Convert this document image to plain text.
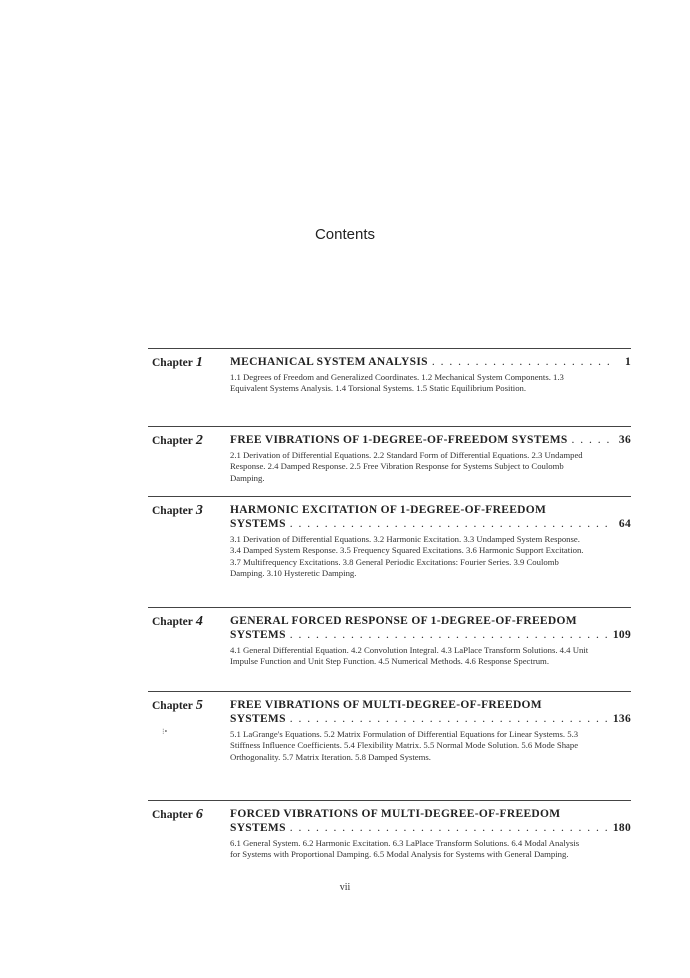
Contents
Chapter 1 MECHANICAL SYSTEM ANALYSIS . . .	1
1.1 Degrees of Freedom and Generalized Coordinates. 1.2 Mechanical System Components. 1.3 Equivalent Systems Analysis. 1.4 Torsional Systems. 1.5 Static Equilibrium Position.
Chapter 2 FREE VIBRATIONS OF 1-DEGREE-OF-FREEDOM SYSTEMS . . .	36
2.1 Derivation of Differential Equations. 2.2 Standard Form of Differential Equations. 2.3 Undamped Response. 2.4 Damped Response. 2.5 Free Vibration Response for Systems Subject to Coulomb Damping.
Chapter 3 HARMONIC EXCITATION OF 1-DEGREE-OF-FREEDOM
SYSTEMS . . .	64
3.1 Derivation of Differential Equations. 3.2 Harmonic Excitation. 3.3 Undamped System Response. 3.4 Damped System Response. 3.5 Frequency Squared Excitations. 3.6 Harmonic Support Excitation. 3.7 Multifrequency Excitations. 3.8 General Periodic Excitations: Fourier Series. 3.9 Coulomb Damping. 3.10 Hysteretic Damping.
Chapter 4 GENERAL FORCED RESPONSE OF 1-DEGREE-OF-FREEDOM
SYSTEMS . . .	109
4.1 General Differential Equation. 4.2 Convolution Integral. 4.3 LaPlace Transform Solutions. 4.4 Unit Impulse Function and Unit Step Function. 4.5 Numerical Methods. 4.6 Response Spectrum.
Chapter 5 FREE VIBRATIONS OF MULTI-DEGREE-OF-FREEDOM
SYSTEMS . . .	136
5.1 LaGrange's Equations. 5.2 Matrix Formulation of Differential Equations for Linear Systems. 5.3 Stiffness Influence Coefficients. 5.4 Flexibility Matrix. 5.5 Normal Mode Solution. 5.6 Mode Shape Orthogonality. 5.7 Matrix Iteration. 5.8 Damped Systems.
Chapter 6 FORCED VIBRATIONS OF MULTI-DEGREE-OF-FREEDOM
SYSTEMS . . .	180
6.1 General System. 6.2 Harmonic Excitation. 6.3 LaPlace Transform Solutions. 6.4 Modal Analysis for Systems with Proportional Damping. 6.5 Modal Analysis for Systems with General Damping.
⁝•
vii
